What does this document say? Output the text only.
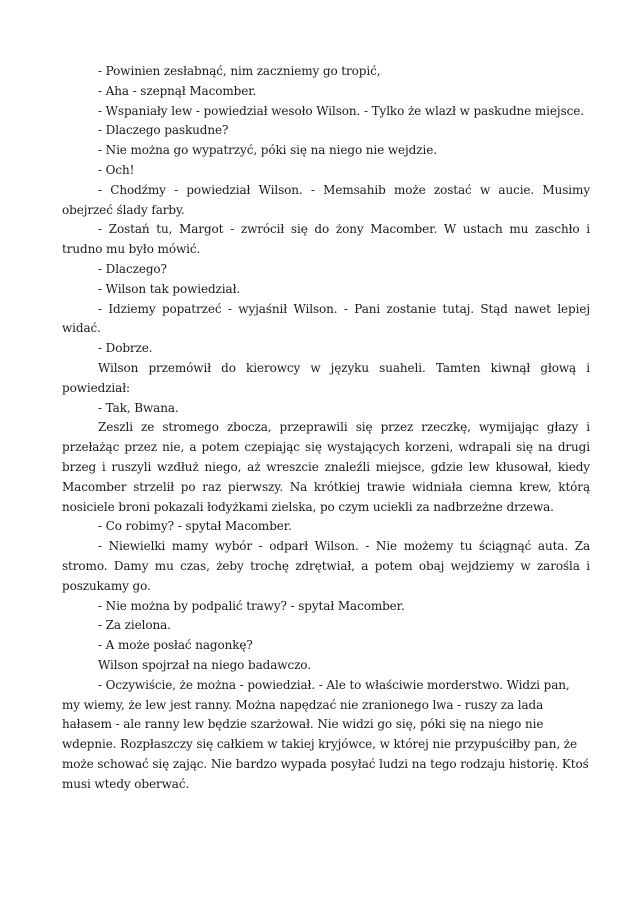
- Powinien zesłabnąć, nim zaczniemy go tropić,

- Aha - szepnął Macomber.

- Wspaniały lew - powiedział wesoło Wilson. - Tylko że wlazł w paskudne miejsce.

- Dlaczego paskudne?

- Nie można go wypatrzyć, póki się na niego nie wejdzie.

- Och!

- Chodźmy - powiedział Wilson. - Memsahib może zostać w aucie. Musimy obejrzeć ślady farby.

- Zostań tu, Margot - zwrócił się do żony Macomber. W ustach mu zaschło i trudno mu było mówić.

- Dlaczego?

- Wilson tak powiedział.

- Idziemy popatrzeć - wyjaśnił Wilson. - Pani zostanie tutaj. Stąd nawet lepiej widać.

- Dobrze.

Wilson przemówił do kierowcy w języku suaheli. Tamten kiwnął głową i powiedział:

- Tak, Bwana.

Zeszli ze stromego zbocza, przeprawili się przez rzeczkę, wymijając głazy i przełażąc przez nie, a potem czepiając się wystających korzeni, wdrapali się na drugi brzeg i ruszyli wzdłuż niego, aż wreszcie znaleźli miejsce, gdzie lew kłusował, kiedy Macomber strzelił po raz pierwszy. Na krótkiej trawie widniała ciemna krew, którą nosiciele broni pokazali łodyżkami zielska, po czym uciekli za nadbrzeżne drzewa.

- Co robimy? - spytał Macomber.

- Niewielki mamy wybór - odparł Wilson. - Nie możemy tu ściągnąć auta. Za stromo. Damy mu czas, żeby trochę zdrętwiał, a potem obaj wejdziemy w zarośla i poszukamy go.

- Nie można by podpalić trawy? - spytał Macomber.

- Za zielona.

- A może posłać nagonkę?

Wilson spojrzał na niego badawczo.

- Oczywiście, że można - powiedział. - Ale to właściwie morderstwo. Widzi pan, my wiemy, że lew jest ranny. Można napędzać nie zranionego lwa - ruszy za lada hałasem - ale ranny lew będzie szarżował. Nie widzi go się, póki się na niego nie wdepnie. Rozpłaszczy się całkiem w takiej kryjówce, w której nie przypuściłby pan, że może schować się zając. Nie bardzo wypada posyłać ludzi na tego rodzaju historię. Ktoś musi wtedy oberwać.
